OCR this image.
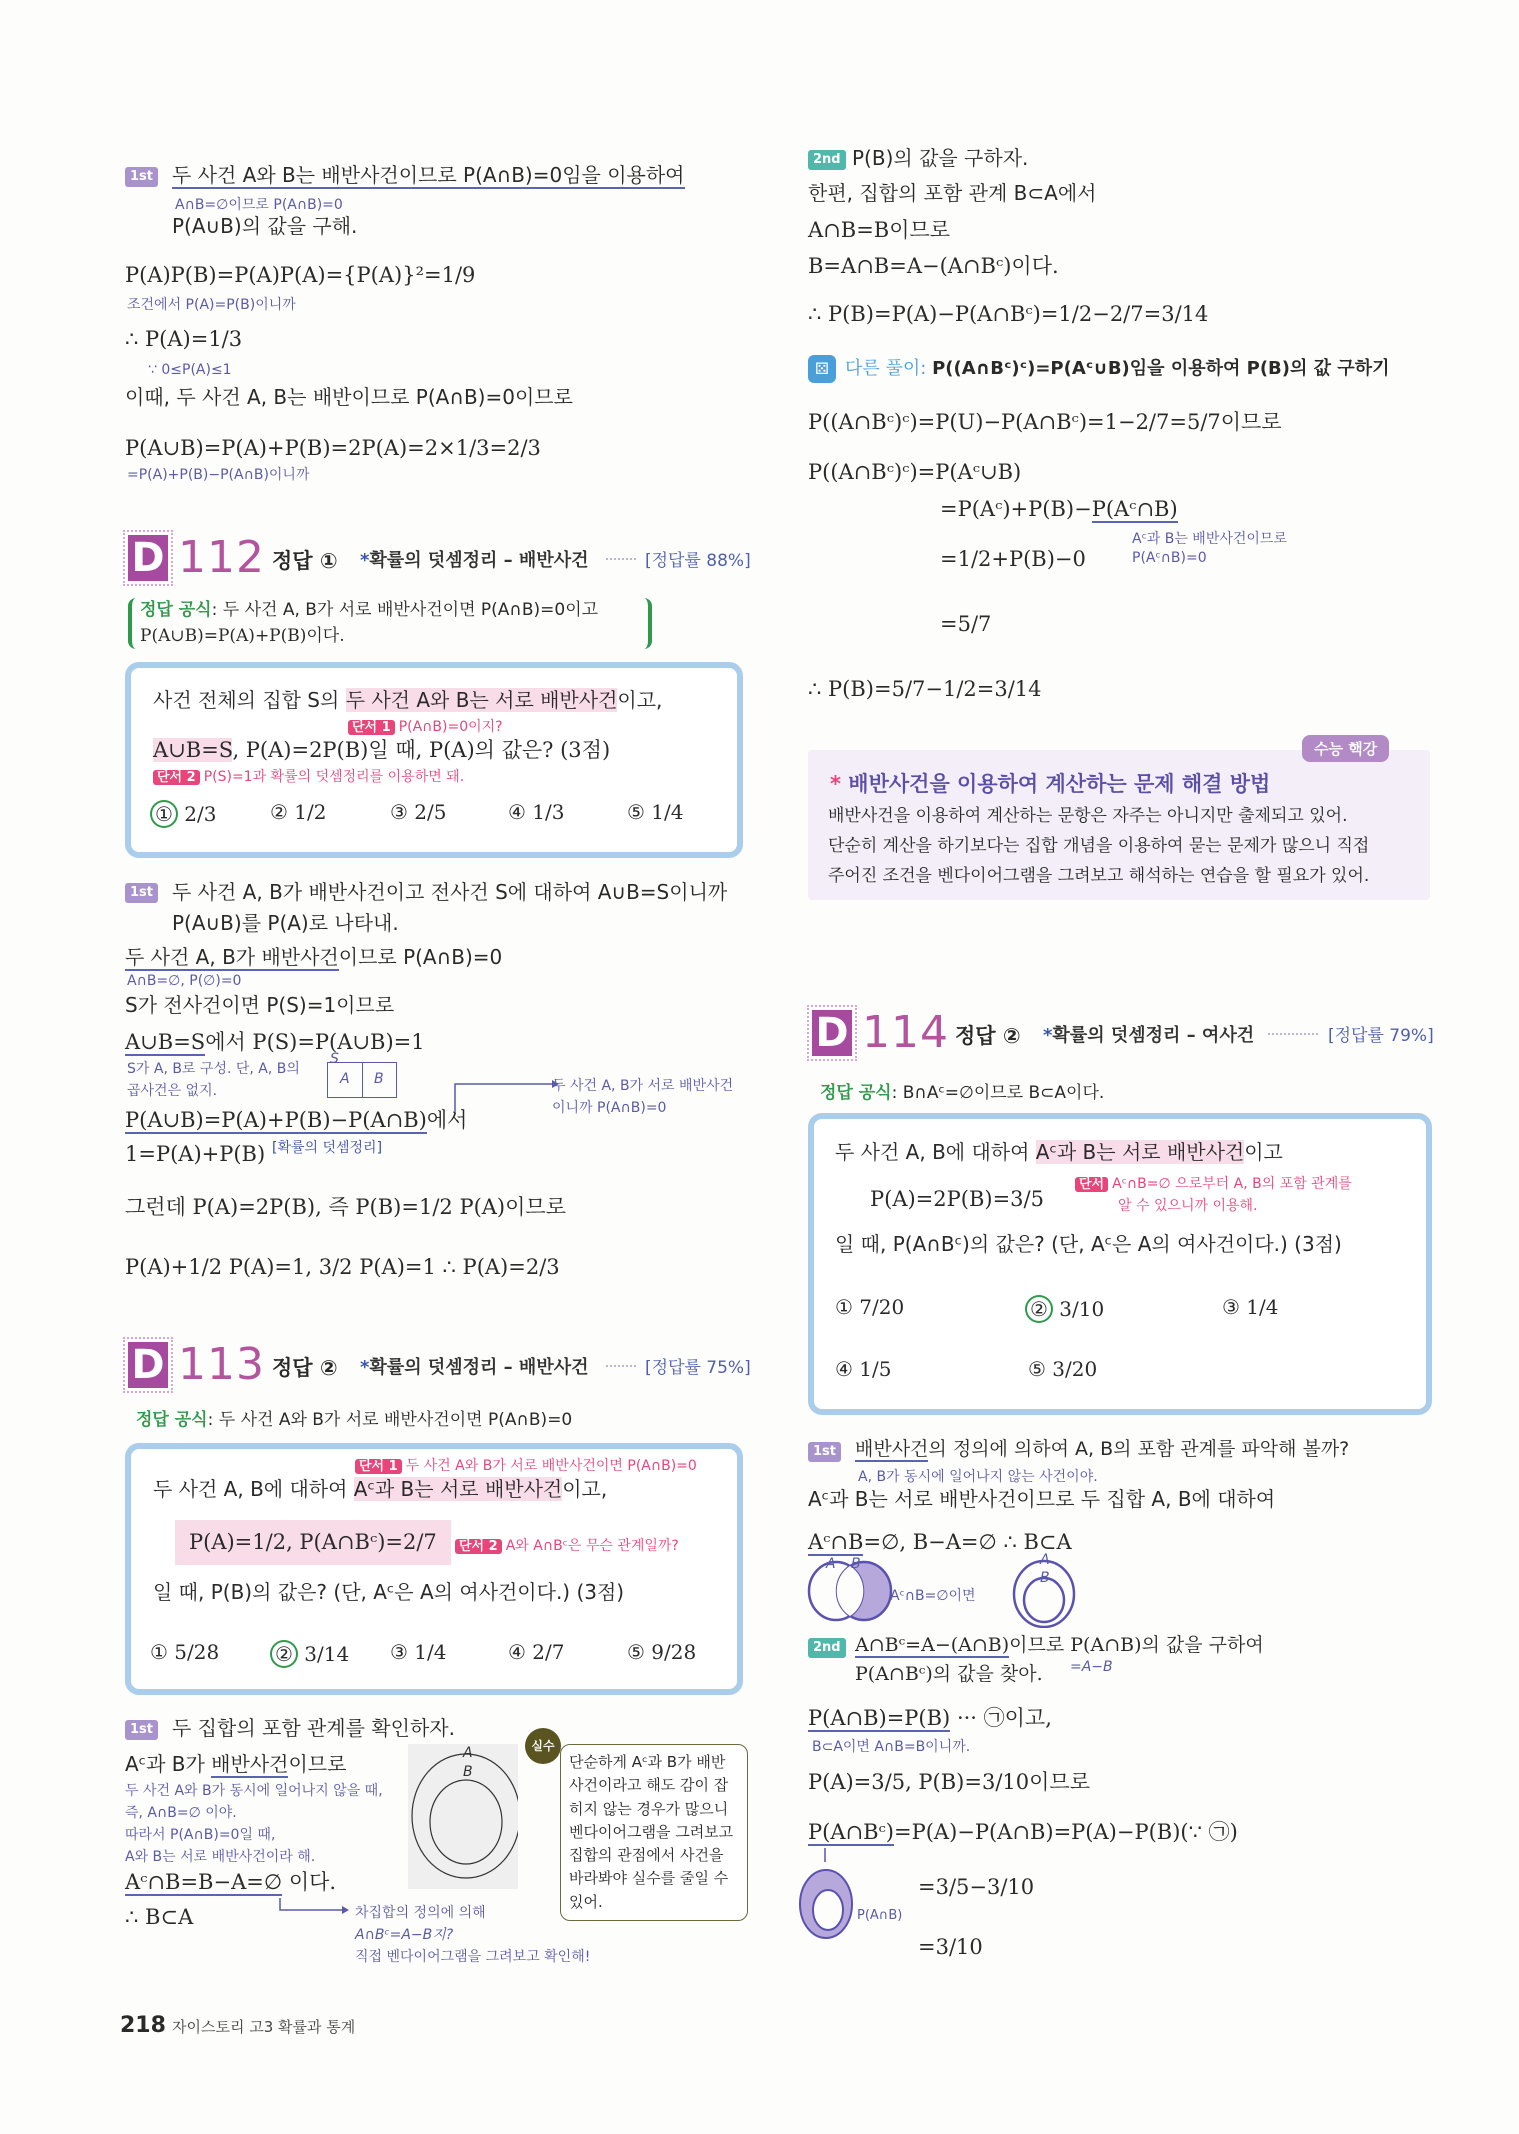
1st 두 사건 A와 B는 배반사건이므로 P(A∩B)=0임을 이용하여
A∩B=∅이므로 P(A∩B)=0
P(A∪B)의 값을 구해.
P(A)P(B)=P(A)P(A)={P(A)}²=1/9
조건에서 P(A)=P(B)이니까
∴ P(A)=1/3
∵ 0≤P(A)≤1
이때, 두 사건 A, B는 배반이므로 P(A∩B)=0이므로
P(A∪B)=P(A)+P(B)=2P(A)=2×1/3=2/3
=P(A)+P(B)−P(A∩B)이니까
D 112 정답 ① *확률의 덧셈정리 – 배반사건	[정답률 88%]
정답 공식: 두 사건 A, B가 서로 배반사건이면 P(A∩B)=0이고
P(A∪B)=P(A)+P(B)이다.
사건 전체의 집합 S의 두 사건 A와 B는 서로 배반사건이고,
단서 1 P(A∩B)=0이지?
A∪B=S, P(A)=2P(B)일 때, P(A)의 값은? (3점)
단서 2 P(S)=1과 확률의 덧셈정리를 이용하면 돼.
① 2/3	② 1/2	③ 2/5	④ 1/3	⑤ 1/4
1st 두 사건 A, B가 배반사건이고 전사건 S에 대하여 A∪B=S이니까
P(A∪B)를 P(A)로 나타내.
두 사건 A, B가 배반사건이므로 P(A∩B)=0
A∩B=∅, P(∅)=0
S가 전사건이면 P(S)=1이므로
A∪B=S에서 P(S)=P(A∪B)=1
S가 A, B로 구성. 단, A, B의
곱사건은 없지.
S
A B	두 사건 A, B가 서로 배반사건
이니까 P(A∩B)=0
P(A∪B)=P(A)+P(B)−P(A∩B)에서
1=P(A)+P(B) [확률의 덧셈정리]
그런데 P(A)=2P(B), 즉 P(B)=1/2 P(A)이므로
P(A)+1/2 P(A)=1, 3/2 P(A)=1 ∴ P(A)=2/3
D 113 정답 ② *확률의 덧셈정리 – 배반사건	[정답률 75%]
정답 공식: 두 사건 A와 B가 서로 배반사건이면 P(A∩B)=0
단서 1 두 사건 A와 B가 서로 배반사건이면 P(A∩B)=0
두 사건 A, B에 대하여 Aᶜ과 B는 서로 배반사건이고,
P(A)=1/2, P(A∩Bᶜ)=2/7	단서 2 A와 A∩Bᶜ은 무슨 관계일까?
일 때, P(B)의 값은? (단, Aᶜ은 A의 여사건이다.) (3점)
① 5/28	② 3/14 ③ 1/4	④ 2/7	⑤ 9/28
1st 두 집합의 포함 관계를 확인하자.
Aᶜ과 B가 배반사건이므로
두 사건 A와 B가 동시에 일어나지 않을 때,
즉, A∩B=∅ 이야.
따라서 P(A∩B)=0일 때,
A와 B는 서로 배반사건이라 해.
Aᶜ∩B=B−A=∅ 이다.
∴ B⊂A	차집합의 정의에 의해
A∩Bᶜ=A−B지?
직접 벤다이어그램을 그려보고 확인해!
A
B
실수
단순하게 Aᶜ과 B가 배반사건이라고 해도 감이 잡히지 않는 경우가 많으니 벤다이어그램을 그려보고 집합의 관점에서 사건을 바라봐야 실수를 줄일 수 있어.
218 자이스토리 고3 확률과 통계
2nd P(B)의 값을 구하자.
한편, 집합의 포함 관계 B⊂A에서
A∩B=B이므로
B=A∩B=A−(A∩Bᶜ)이다.
∴ P(B)=P(A)−P(A∩Bᶜ)=1/2−2/7=3/14
⚄ 다른 풀이: P((A∩Bᶜ)ᶜ)=P(Aᶜ∪B)임을 이용하여 P(B)의 값 구하기
P((A∩Bᶜ)ᶜ)=P(U)−P(A∩Bᶜ)=1−2/7=5/7이므로
P((A∩Bᶜ)ᶜ)=P(Aᶜ∪B)
=P(Aᶜ)+P(B)−P(Aᶜ∩B)
Aᶜ과 B는 배반사건이므로
P(Aᶜ∩B)=0
=1/2+P(B)−0
=5/7
∴ P(B)=5/7−1/2=3/14
수능 핵강
* 배반사건을 이용하여 계산하는 문제 해결 방법
배반사건을 이용하여 계산하는 문항은 자주는 아니지만 출제되고 있어.
단순히 계산을 하기보다는 집합 개념을 이용하여 묻는 문제가 많으니 직접
주어진 조건을 벤다이어그램을 그려보고 해석하는 연습을 할 필요가 있어.
D 114 정답 ② *확률의 덧셈정리 – 여사건	[정답률 79%]
정답 공식: B∩Aᶜ=∅이므로 B⊂A이다.
두 사건 A, B에 대하여 Aᶜ과 B는 서로 배반사건이고
P(A)=2P(B)=3/5
단서 Aᶜ∩B=∅ 으로부터 A, B의 포함 관계를
알 수 있으니까 이용해.
일 때, P(A∩Bᶜ)의 값은? (단, Aᶜ은 A의 여사건이다.) (3점)
① 7/20	② 3/10	③ 1/4
④ 1/5	⑤ 3/20
1st 배반사건의 정의에 의하여 A, B의 포함 관계를 파악해 볼까?
A, B가 동시에 일어나지 않는 사건이야.
Aᶜ과 B는 서로 배반사건이므로 두 집합 A, B에 대하여
Aᶜ∩B=∅, B−A=∅ ∴ B⊂A
A B	A
B
Aᶜ∩B=∅이면
2nd A∩Bᶜ=A−(A∩B)이므로 P(A∩B)의 값을 구하여
P(A∩Bᶜ)의 값을 찾아. =A−B
P(A∩B)=P(B) ··· ㉠이고,
B⊂A이면 A∩B=B이니까.
P(A)=3/5, P(B)=3/10이므로
P(A∩Bᶜ)=P(A)−P(A∩B)=P(A)−P(B)(∵ ㉠)
=3/5−3/10
=3/10
P(A∩B)
